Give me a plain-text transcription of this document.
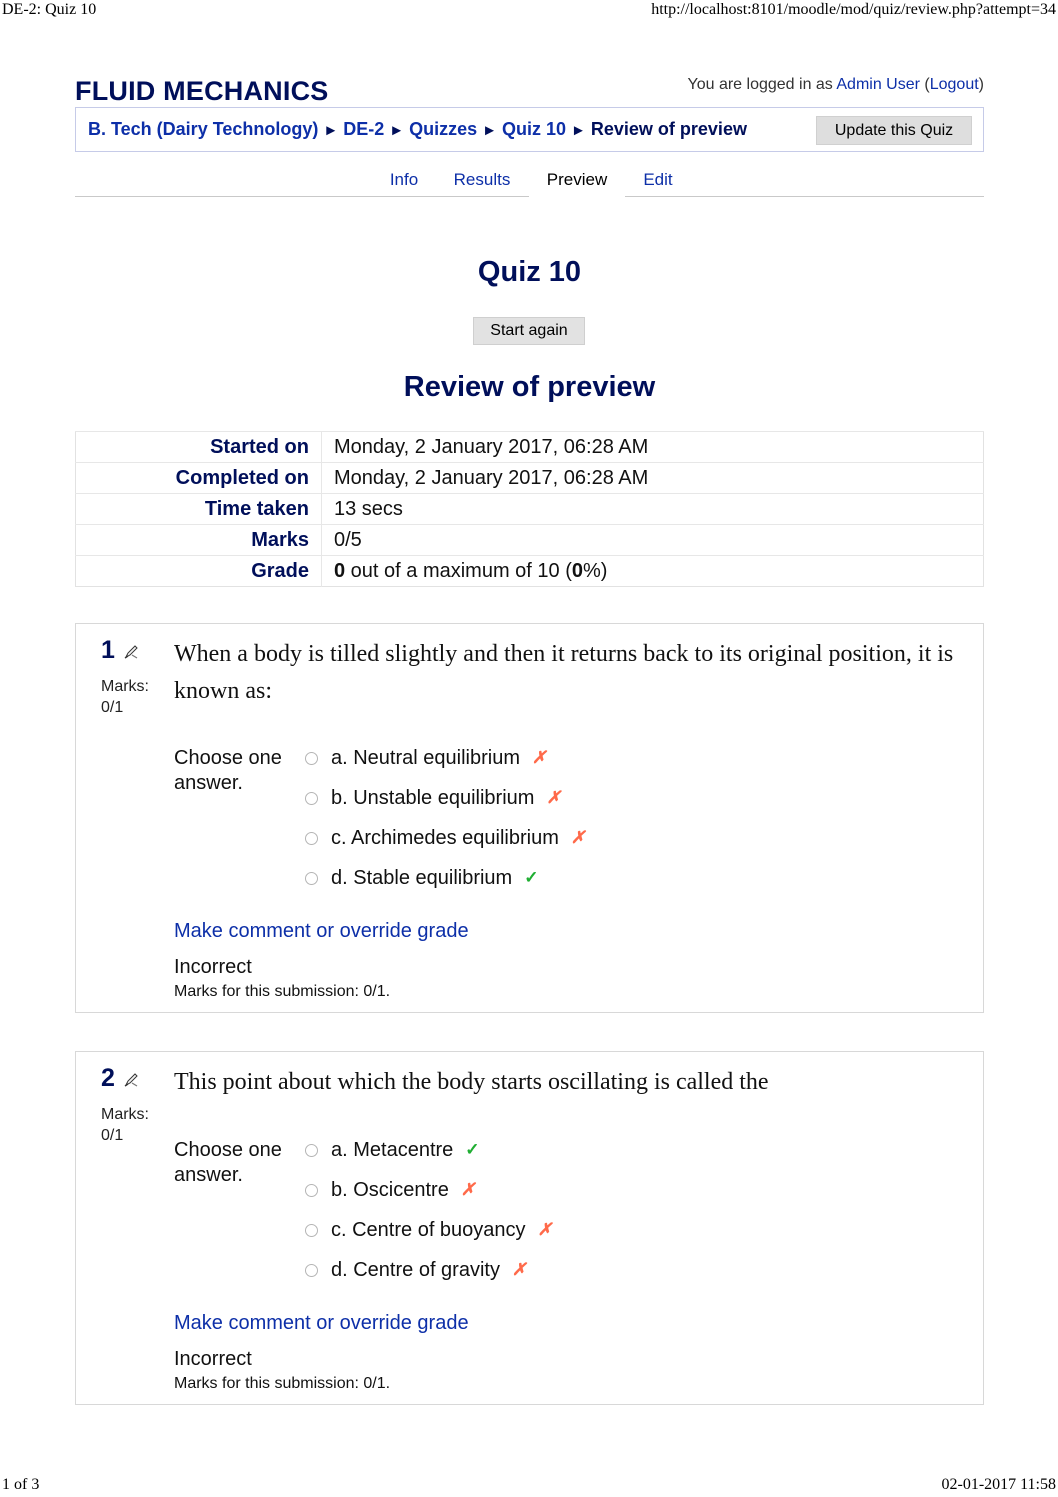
DE-2: Quiz 10	http://localhost:8101/moodle/mod/quiz/review.php?attempt=34
FLUID MECHANICS	You are logged in as Admin User (Logout)
B. Tech (Dairy Technology) ► DE-2 ► Quizzes ► Quiz 10 ► Review of preview	Update this Quiz
Info	Results	Preview	Edit
Quiz 10
Start again
Review of preview
Started on	Monday, 2 January 2017, 06:28 AM
Completed on	Monday, 2 January 2017, 06:28 AM
Time taken	13 secs
Marks	0/5
Grade	0 out of a maximum of 10 (0%)
1
Marks:
0/1
When a body is tilled slightly and then it returns back to its original position, it is known as:
Choose one answer.
a. Neutral equilibrium ✗
b. Unstable equilibrium ✗
c. Archimedes equilibrium ✗
d. Stable equilibrium ✓
Make comment or override grade
Incorrect
Marks for this submission: 0/1.
2
Marks:
0/1
This point about which the body starts oscillating is called the
Choose one answer.
a. Metacentre ✓
b. Oscicentre ✗
c. Centre of buoyancy ✗
d. Centre of gravity ✗
Make comment or override grade
Incorrect
Marks for this submission: 0/1.
1 of 3	02-01-2017 11:58
